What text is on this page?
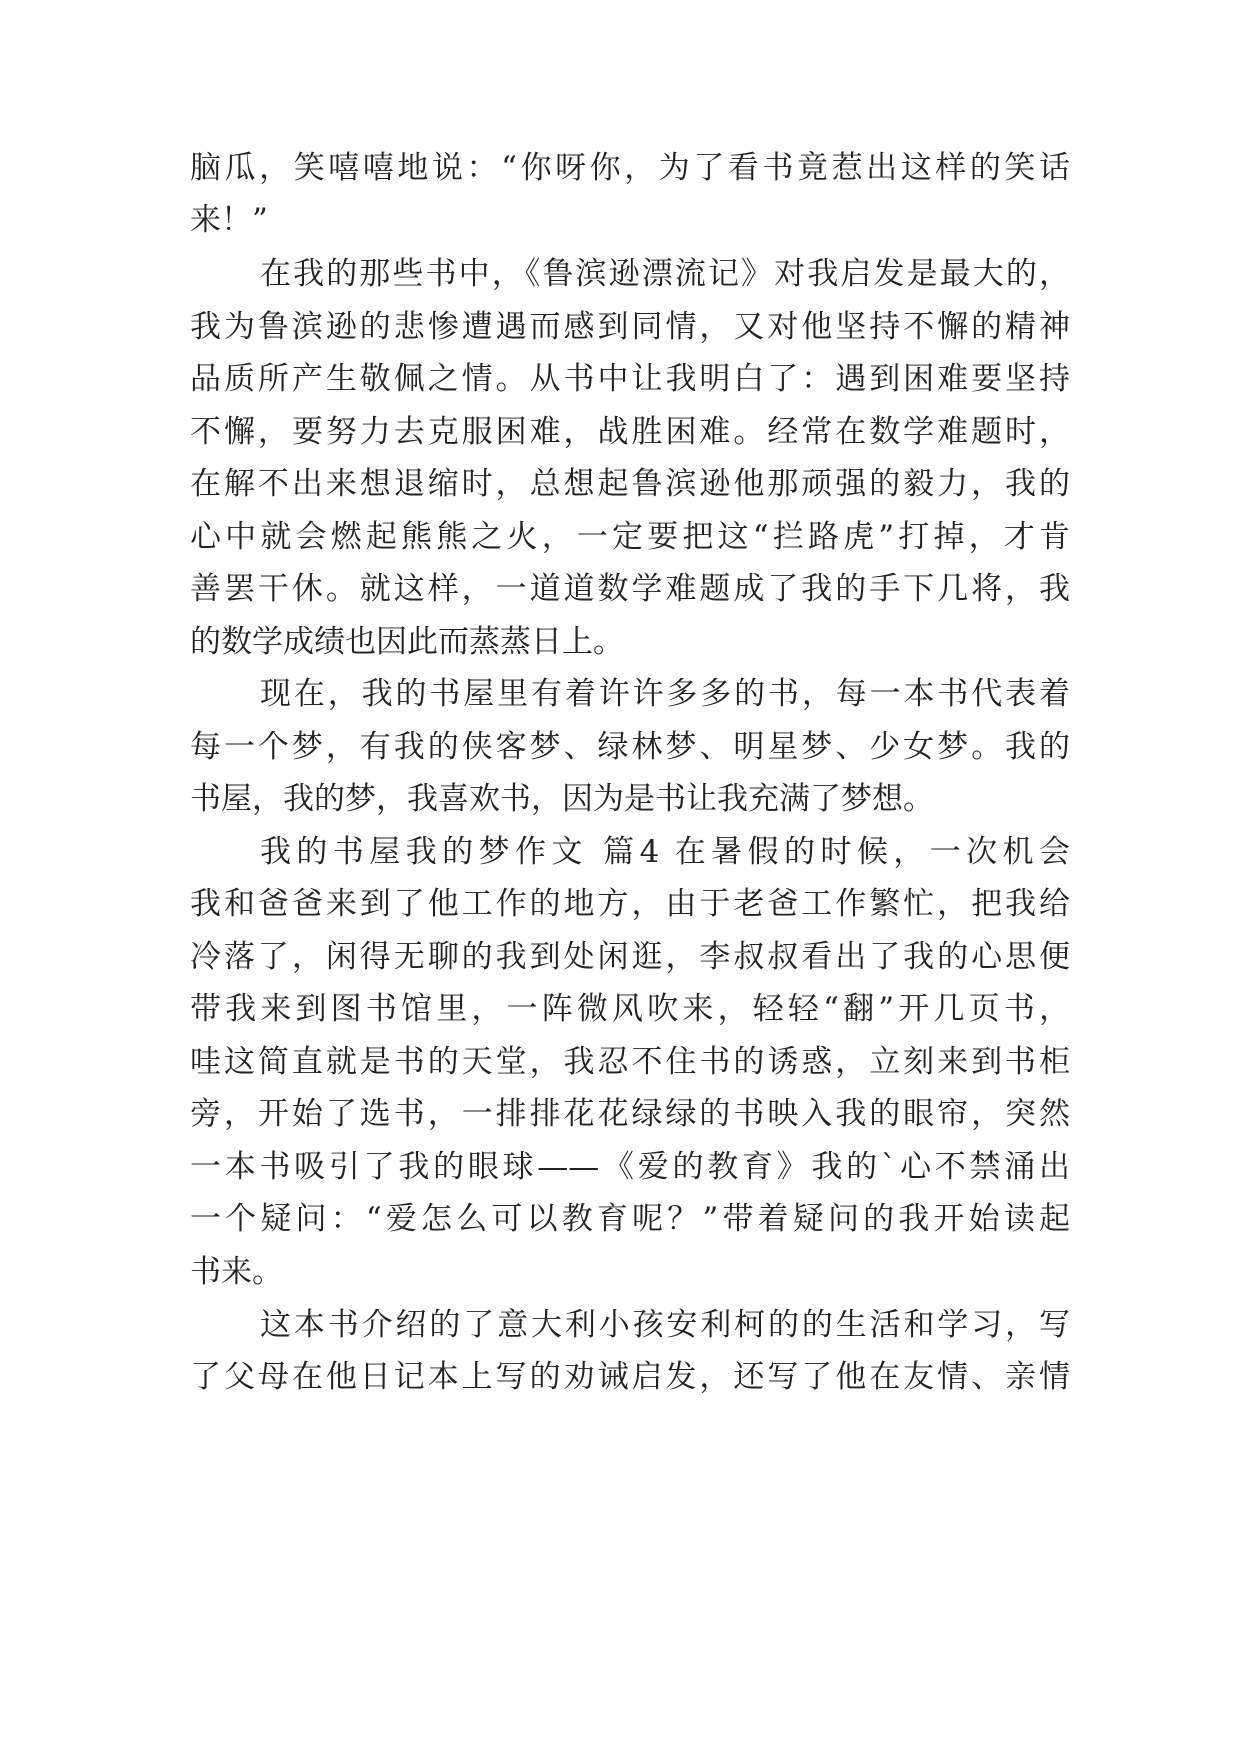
脑瓜，笑嘻嘻地说：“你呀你，为了看书竟惹出这样的笑话
来！”
在我的那些书中，《鲁滨逊漂流记》对我启发是最大的，
我为鲁滨逊的悲惨遭遇而感到同情，又对他坚持不懈的精神
品质所产生敬佩之情。从书中让我明白了：遇到困难要坚持
不懈，要努力去克服困难，战胜困难。经常在数学难题时，
在解不出来想退缩时，总想起鲁滨逊他那顽强的毅力，我的
心中就会燃起熊熊之火，一定要把这“拦路虎”打掉，才肯
善罢干休。就这样，一道道数学难题成了我的手下几将，我
的数学成绩也因此而蒸蒸日上。
现在，我的书屋里有着许许多多的书，每一本书代表着
每一个梦，有我的侠客梦、绿林梦、明星梦、少女梦。我的
书屋，我的梦，我喜欢书，因为是书让我充满了梦想。
我的书屋我的梦作文 篇4 在暑假的时候，一次机会
我和爸爸来到了他工作的地方，由于老爸工作繁忙，把我给
冷落了，闲得无聊的我到处闲逛，李叔叔看出了我的心思便
带我来到图书馆里，一阵微风吹来，轻轻“翻”开几页书，
哇这简直就是书的天堂，我忍不住书的诱惑，立刻来到书柜
旁，开始了选书，一排排花花绿绿的书映入我的眼帘，突然
一本书吸引了我的眼球——《爱的教育》我的`心不禁涌出
一个疑问：“爱怎么可以教育呢？”带着疑问的我开始读起
书来。
这本书介绍的了意大利小孩安利柯的的生活和学习，写
了父母在他日记本上写的劝诫启发，还写了他在友情、亲情
